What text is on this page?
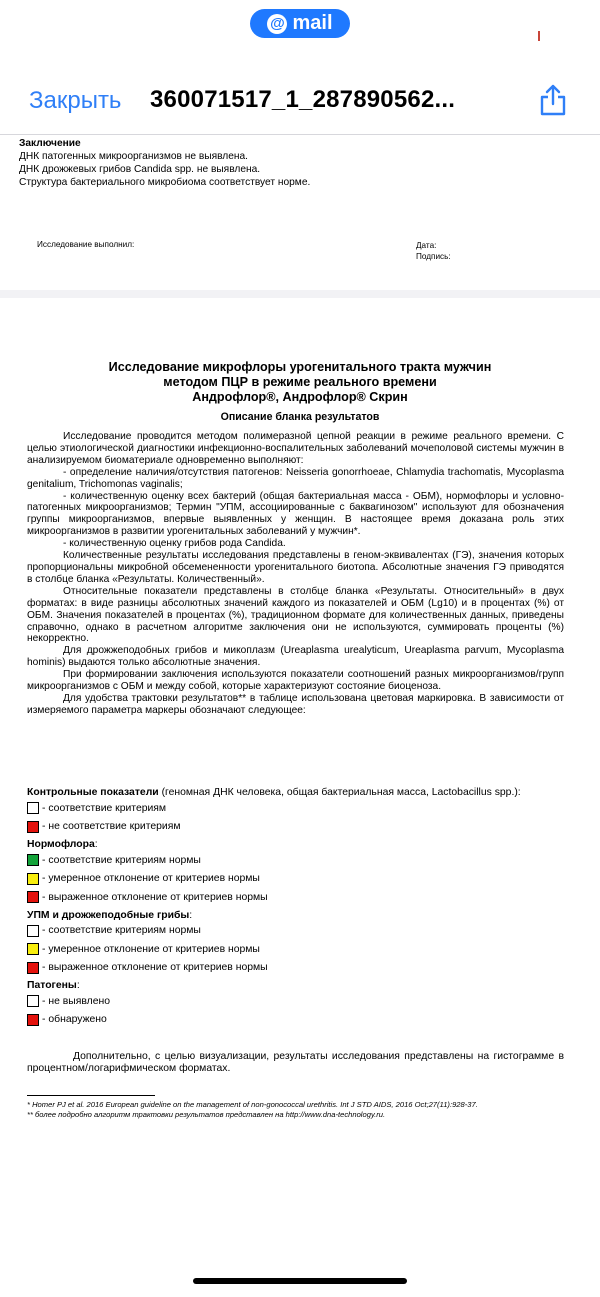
@ mail
Закрыть 360071517_1_287890562...
Заключение
ДНК патогенных микроорганизмов не выявлена.
ДНК дрожжевых грибов Candida spp. не выявлена.
Структура бактериального микробиома соответствует норме.
Исследование выполнил:	Дата:
Подпись:
Исследование микрофлоры урогенитального тракта мужчин
методом ПЦР в режиме реального времени
Андрофлор®, Андрофлор® Скрин
Описание бланка результатов

Исследование проводится методом полимеразной цепной реакции в режиме реального времени. С целью этиологической диагностики инфекционно-воспалительных заболеваний мочеполовой системы мужчин в анализируемом биоматериале одновременно выполняют:

- определение наличия/отсутствия патогенов: Neisseria gonorrhoeae, Chlamydia trachomatis, Mycoplasma genitalium, Trichomonas vaginalis;

- количественную оценку всех бактерий (общая бактериальная масса - ОБМ), нормофлоры и условно-патогенных микроорганизмов; Термин "УПМ, ассоциированные с баквагинозом" используют для обозначения группы микроорганизмов, впервые выявленных у женщин. В настоящее время доказана роль этих микроорганизмов в развитии урогенитальных заболеваний у мужчин*.

- количественную оценку грибов рода Candida.

Количественные результаты исследования представлены в геном-эквивалентах (ГЭ), значения которых пропорциональны микробной обсемененности урогенитального биотопа. Абсолютные значения ГЭ приводятся в столбце бланка «Результаты. Количественный».

Относительные показатели представлены в столбце бланка «Результаты. Относительный» в двух форматах: в виде разницы абсолютных значений каждого из показателей и ОБМ (Lg10) и в процентах (%) от ОБМ. Значения показателей в процентах (%), традиционном формате для количественных данных, приведены справочно, однако в расчетном алгоритме заключения они не используются, суммировать проценты (%) некорректно.

Для дрожжеподобных грибов и микоплазм (Ureaplasma urealyticum, Ureaplasma parvum, Mycoplasma hominis) выдаются только абсолютные значения.

При формировании заключения используются показатели соотношений разных микроорганизмов/групп микроорганизмов с ОБМ и между собой, которые характеризуют состояние биоценоза.

Для удобства трактовки результатов** в таблице использована цветовая маркировка. В зависимости от измеряемого параметра маркеры обозначают следующее:

Контрольные показатели (геномная ДНК человека, общая бактериальная масса, Lactobacillus spp.):

- соответствие критериям
- не соответствие критериям

Нормофлора:

- соответствие критериям нормы
- умеренное отклонение от критериев нормы
- выраженное отклонение от критериев нормы

УПМ и дрожжеподобные грибы:

- соответствие критериям нормы
- умеренное отклонение от критериев нормы
- выраженное отклонение от критериев нормы

Патогены:

- не выявлено
- обнаружено
Дополнительно, с целью визуализации, результаты исследования представлены на гистограмме в процентном/логарифмическом форматах.
* Homer PJ et al. 2016 European guideline on the management of non-gonococcal urethritis. Int J STD AIDS, 2016 Oct;27(11):928-37.
** более подробно алгоритм трактовки результатов представлен на http://www.dna-technology.ru.
